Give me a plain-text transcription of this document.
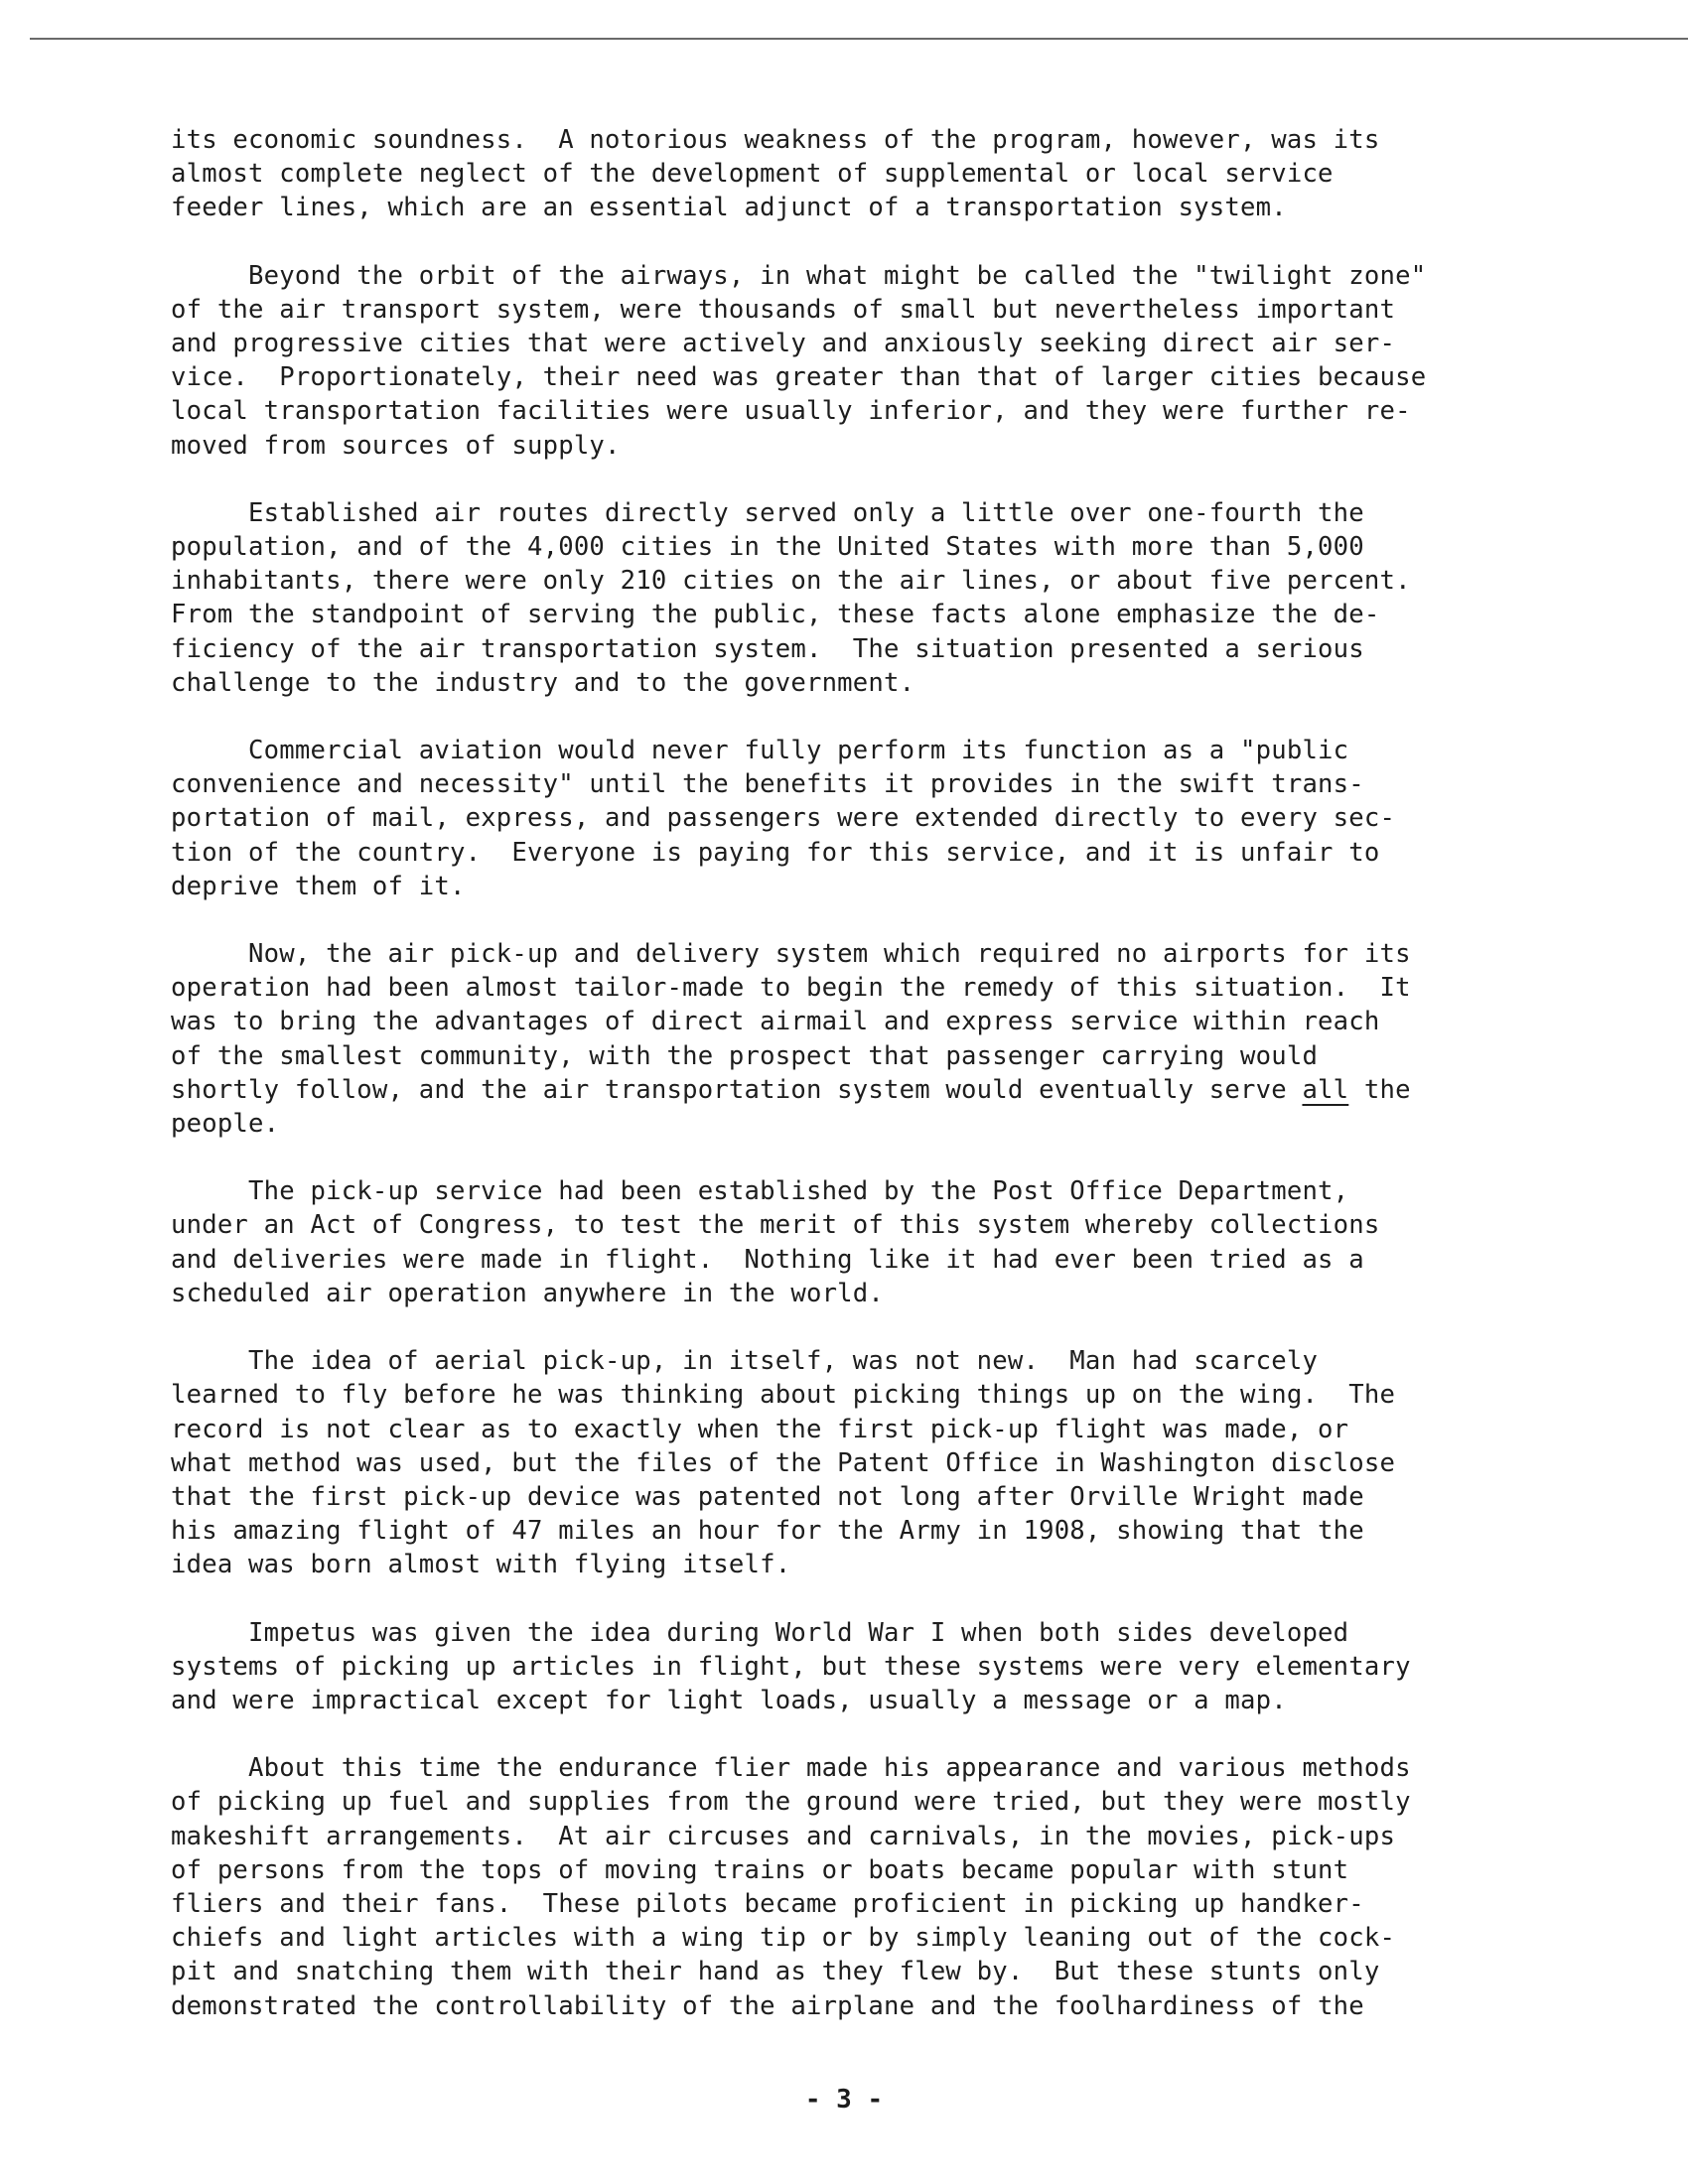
its economic soundness.  A notorious weakness of the program, however, was its
almost complete neglect of the development of supplemental or local service
feeder lines, which are an essential adjunct of a transportation system.

Beyond the orbit of the airways, in what might be called the "twilight zone"
of the air transport system, were thousands of small but nevertheless important
and progressive cities that were actively and anxiously seeking direct air ser-
vice.  Proportionately, their need was greater than that of larger cities because
local transportation facilities were usually inferior, and they were further re-
moved from sources of supply.

Established air routes directly served only a little over one-fourth the
population, and of the 4,000 cities in the United States with more than 5,000
inhabitants, there were only 210 cities on the air lines, or about five percent.
From the standpoint of serving the public, these facts alone emphasize the de-
ficiency of the air transportation system.  The situation presented a serious
challenge to the industry and to the government.

Commercial aviation would never fully perform its function as a "public
convenience and necessity" until the benefits it provides in the swift trans-
portation of mail, express, and passengers were extended directly to every sec-
tion of the country.  Everyone is paying for this service, and it is unfair to
deprive them of it.

Now, the air pick-up and delivery system which required no airports for its
operation had been almost tailor-made to begin the remedy of this situation.  It
was to bring the advantages of direct airmail and express service within reach
of the smallest community, with the prospect that passenger carrying would
shortly follow, and the air transportation system would eventually serve all the
people.

The pick-up service had been established by the Post Office Department,
under an Act of Congress, to test the merit of this system whereby collections
and deliveries were made in flight.  Nothing like it had ever been tried as a
scheduled air operation anywhere in the world.

The idea of aerial pick-up, in itself, was not new.  Man had scarcely
learned to fly before he was thinking about picking things up on the wing.  The
record is not clear as to exactly when the first pick-up flight was made, or
what method was used, but the files of the Patent Office in Washington disclose
that the first pick-up device was patented not long after Orville Wright made
his amazing flight of 47 miles an hour for the Army in 1908, showing that the
idea was born almost with flying itself.

Impetus was given the idea during World War I when both sides developed
systems of picking up articles in flight, but these systems were very elementary
and were impractical except for light loads, usually a message or a map.

About this time the endurance flier made his appearance and various methods
of picking up fuel and supplies from the ground were tried, but they were mostly
makeshift arrangements.  At air circuses and carnivals, in the movies, pick-ups
of persons from the tops of moving trains or boats became popular with stunt
fliers and their fans.  These pilots became proficient in picking up handker-
chiefs and light articles with a wing tip or by simply leaning out of the cock-
pit and snatching them with their hand as they flew by.  But these stunts only
demonstrated the controllability of the airplane and the foolhardiness of the

- 3 -
